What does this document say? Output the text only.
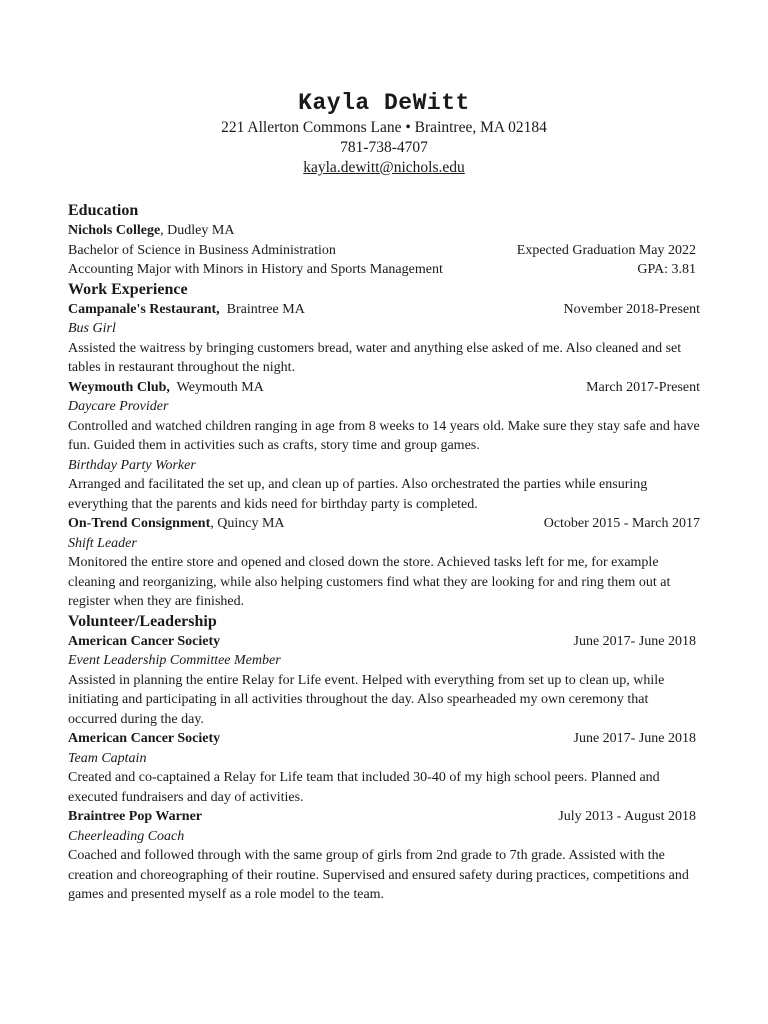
Kayla DeWitt
221 Allerton Commons Lane • Braintree, MA 02184
781-738-4707
kayla.dewitt@nichols.edu
Education
Nichols College, Dudley MA
Bachelor of Science in Business Administration	Expected Graduation May 2022
Accounting Major with Minors in History and Sports Management	GPA: 3.81
Work Experience
Campanale's Restaurant,  Braintree MA	November 2018-Present
Bus Girl
Assisted the waitress by bringing customers bread, water and anything else asked of me. Also cleaned and set tables in restaurant throughout the night.
Weymouth Club,  Weymouth MA	March 2017-Present
Daycare Provider
Controlled and watched children ranging in age from 8 weeks to 14 years old. Make sure they stay safe and have fun. Guided them in activities such as crafts, story time and group games.
Birthday Party Worker
Arranged and facilitated the set up, and clean up of parties. Also orchestrated the parties while ensuring everything that the parents and kids need for birthday party is completed.
On-Trend Consignment, Quincy MA	October 2015 - March 2017
Shift Leader
Monitored the entire store and opened and closed down the store. Achieved tasks left for me, for example cleaning and reorganizing, while also helping customers find what they are looking for and ring them out at register when they are finished.
Volunteer/Leadership
American Cancer Society	June 2017- June 2018
Event Leadership Committee Member
Assisted in planning the entire Relay for Life event. Helped with everything from set up to clean up, while initiating and participating in all activities throughout the day. Also spearheaded my own ceremony that occurred during the day.
American Cancer Society	June 2017- June 2018
Team Captain
Created and co-captained a Relay for Life team that included 30-40 of my high school peers. Planned and executed fundraisers and day of activities.
Braintree Pop Warner	July 2013 - August 2018
Cheerleading Coach
Coached and followed through with the same group of girls from 2nd grade to 7th grade. Assisted with the creation and choreographing of their routine. Supervised and ensured safety during practices, competitions and games and presented myself as a role model to the team.
